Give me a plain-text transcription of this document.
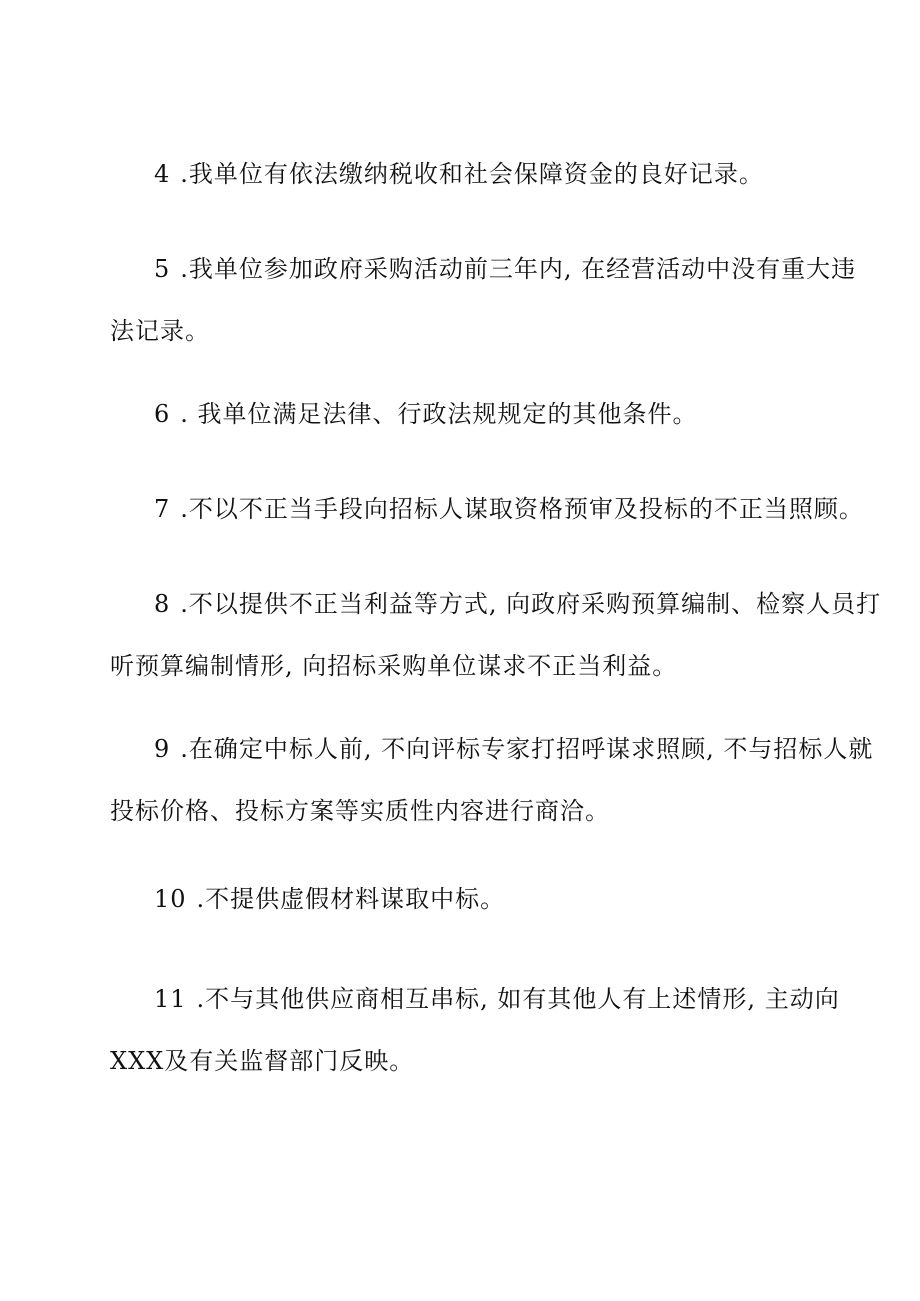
4 .我单位有依法缴纳税收和社会保障资金的良好记录。

5 .我单位参加政府采购活动前三年内, 在经营活动中没有重大违
法记录。

6 . 我单位满足法律、行政法规规定的其他条件。

7 .不以不正当手段向招标人谋取资格预审及投标的不正当照顾。

8 .不以提供不正当利益等方式, 向政府采购预算编制、检察人员打
听预算编制情形, 向招标采购单位谋求不正当利益。

9 .在确定中标人前, 不向评标专家打招呼谋求照顾, 不与招标人就
投标价格、投标方案等实质性内容进行商洽。

10 .不提供虚假材料谋取中标。

11 .不与其他供应商相互串标, 如有其他人有上述情形, 主动向
XXX及有关监督部门反映。
